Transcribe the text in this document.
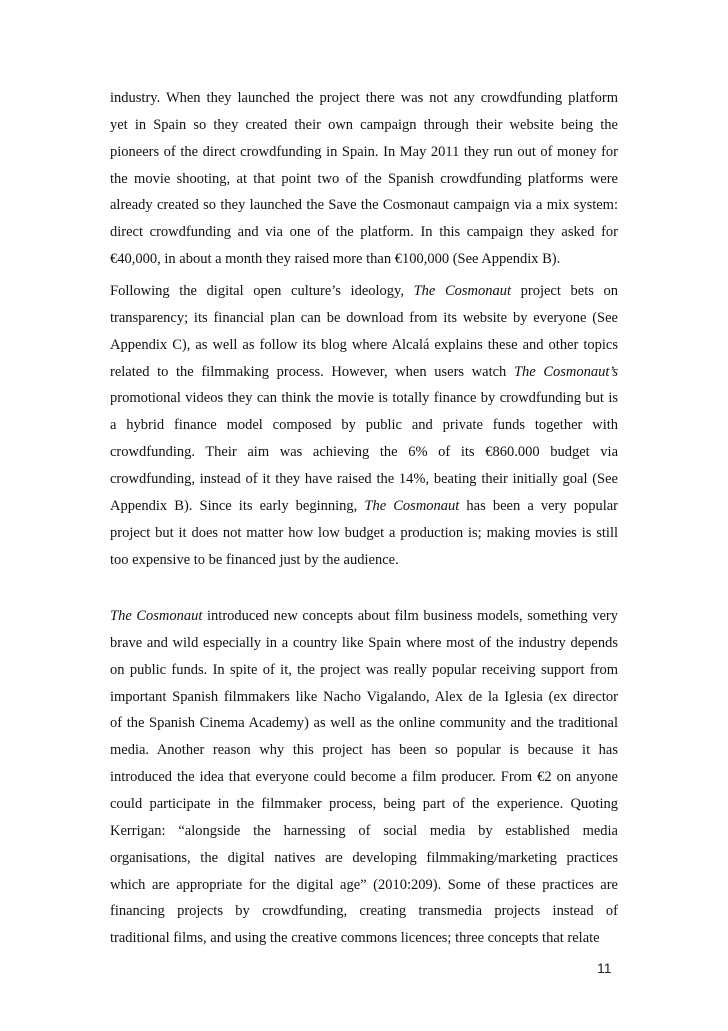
industry. When they launched the project there was not any crowdfunding platform
yet in Spain so they created their own campaign through their website being the
pioneers of the direct crowdfunding in Spain. In May 2011 they run out of money for
the movie shooting, at that point two of the Spanish crowdfunding platforms were
already created so they launched the Save the Cosmonaut campaign via a mix system:
direct crowdfunding and via one of the platform. In this campaign they asked for
€40,000, in about a month they raised more than €100,000 (See Appendix B).
Following the digital open culture’s ideology, The Cosmonaut project bets on
transparency; its financial plan can be download from its website by everyone (See
Appendix C), as well as follow its blog where Alcalá explains these and other topics
related to the filmmaking process. However, when users watch The Cosmonaut’s
promotional videos they can think the movie is totally finance by crowdfunding but is
a hybrid finance model composed by public and private funds together with
crowdfunding. Their aim was achieving the 6% of its €860.000 budget via
crowdfunding, instead of it they have raised the 14%, beating their initially goal (See
Appendix B). Since its early beginning, The Cosmonaut has been a very popular
project but it does not matter how low budget a production is; making movies is still
too expensive to be financed just by the audience.
The Cosmonaut introduced new concepts about film business models, something very
brave and wild especially in a country like Spain where most of the industry depends
on public funds. In spite of it, the project was really popular receiving support from
important Spanish filmmakers like Nacho Vigalando, Alex de la Iglesia (ex director
of the Spanish Cinema Academy) as well as the online community and the traditional
media. Another reason why this project has been so popular is because it has
introduced the idea that everyone could become a film producer. From €2 on anyone
could participate in the filmmaker process, being part of the experience. Quoting
Kerrigan: “alongside the harnessing of social media by established media
organisations, the digital natives are developing filmmaking/marketing practices
which are appropriate for the digital age” (2010:209). Some of these practices are
financing projects by crowdfunding, creating transmedia projects instead of
traditional films, and using the creative commons licences; three concepts that relate
11
